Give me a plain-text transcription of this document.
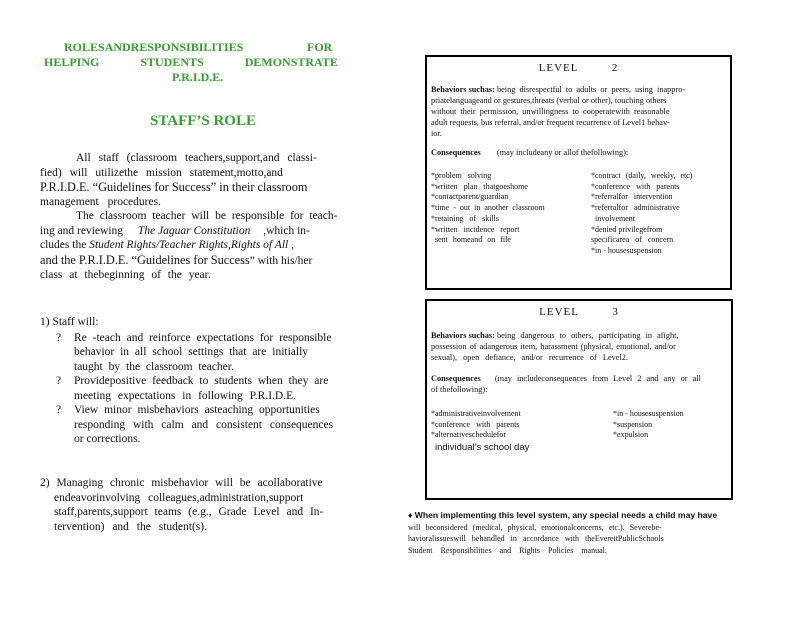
ROLESANDRESPONSIBILITIES	FOR

HELPING STUDENTS DEMONSTRATE
P.R.I.D.E.
STAFF’S ROLE
All staff (classroom teachers,support,and classi-
fied) will utilizethe mission statement,motto,and
P.R.I.D.E. “Guidelines for Success” in their classroom
management procedures.
The classroom teacher will be responsible for teach-
ing and reviewing The Jaguar Constitution ,which in-
cludes the Student Rights/Teacher Rights,Rights of All ,
and the P.R.I.D.E. “Guidelines for Success” with his/her
class at thebeginning of the year.
1) Staff will:
? Re -teach and reinforce expectations for responsible
behavior in all school settings that are initially
taught by the classroom teacher.
? Providepositive feedback to students when they are
meeting expectations in following P.R.I.D.E.
? View minor misbehaviors asteaching opportunities
responding with calm and consistent consequences
or corrections.
2) Managing chronic misbehavior will be acollaborative
endeavorinvolving colleagues,administration,support
staff,parents,support teams (e.g., Grade Level and In-
tervention) and the student(s).
LEVEL 2
Behaviors suchas: being disrespectful to adults or peers, using inappro-
priatelanguageand or gestures,threats (verbal or other), touching others
without their permission, unwillingness to cooperatewith reasonable
adult requests, bus referral, and/or frequent recurrence of Level1 behav-
ior.
Consequences (may includeany or allof thefollowing):
*problem solving
*written plan thatgoeshome
*contactparent/guardian
*time - out in another classroom
*retaining of skills
*written incidence report
sent homeand on file
*contract (daily, weekly, etc)
*conference with parents
*referralfor intervention
*referralfor administrative
involvement
*denied privilegefrom
specificarea of concern
*in - housesuspension
LEVEL 3
Behaviors suchas: being dangerous to others, participating in afight,
possession of adangerous item, harassment (physical, emotional, and/or
sexual), open defiance, and/or recurrence of Level2.
Consequences (may includeconsequences from Level 2 and any or all
of thefollowing):
*administrativeinvolvement
*conference with parents
*alternativeschedulefor
individual’s school day
*in - housesuspension
*suspension
*expulsion
♦ When implementing this level system, any special needs a child may have
will beconsidered (medical, physical, emotionalconcerns, etc.). Severebe-
havioralissueswill behandled in accordance with theEverettPublicSchools
Student Responsibilities and Rights Policies manual.
